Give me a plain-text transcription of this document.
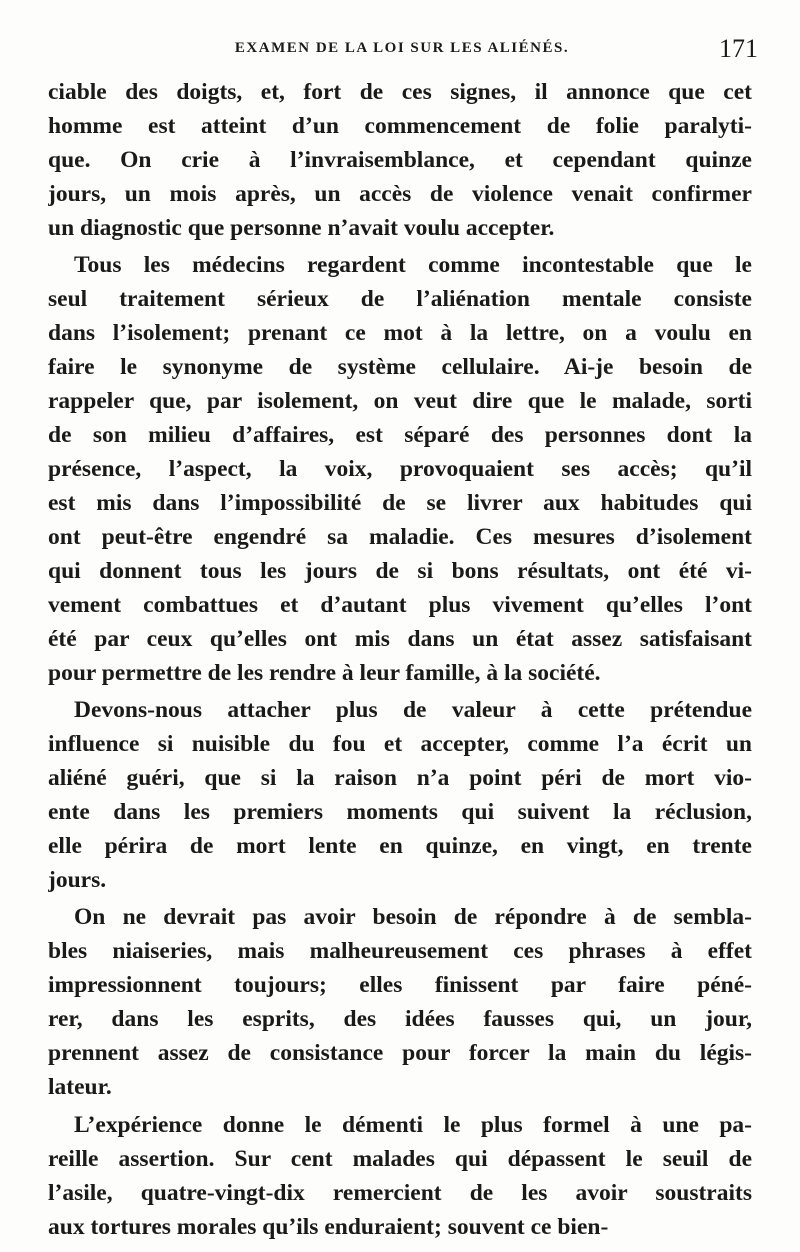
EXAMEN DE LA LOI SUR LES ALIÉNÉS.	171
ciable des doigts, et, fort de ces signes, il annonce que cet
homme est atteint d’un commencement de folie paralyti-
que. On crie à l’invraisemblance, et cependant quinze
jours, un mois après, un accès de violence venait confirmer
un diagnostic que personne n’avait voulu accepter.
Tous les médecins regardent comme incontestable que le
seul traitement sérieux de l’aliénation mentale consiste
dans l’isolement; prenant ce mot à la lettre, on a voulu en
faire le synonyme de système cellulaire. Ai-je besoin de
rappeler que, par isolement, on veut dire que le malade, sorti
de son milieu d’affaires, est séparé des personnes dont la
présence, l’aspect, la voix, provoquaient ses accès; qu’il
est mis dans l’impossibilité de se livrer aux habitudes qui
ont peut-être engendré sa maladie. Ces mesures d’isolement
qui donnent tous les jours de si bons résultats, ont été vi-
vement combattues et d’autant plus vivement qu’elles l’ont
été par ceux qu’elles ont mis dans un état assez satisfaisant
pour permettre de les rendre à leur famille, à la société.
Devons-nous attacher plus de valeur à cette prétendue
influence si nuisible du fou et accepter, comme l’a écrit un
aliéné guéri, que si la raison n’a point péri de mort vio-
ente dans les premiers moments qui suivent la réclusion,
elle périra de mort lente en quinze, en vingt, en trente
jours.
On ne devrait pas avoir besoin de répondre à de sembla-
bles niaiseries, mais malheureusement ces phrases à effet
impressionnent toujours; elles finissent par faire péné-
rer, dans les esprits, des idées fausses qui, un jour,
prennent assez de consistance pour forcer la main du légis-
lateur.
L’expérience donne le démenti le plus formel à une pa-
reille assertion. Sur cent malades qui dépassent le seuil de
l’asile, quatre-vingt-dix remercient de les avoir soustraits
aux tortures morales qu’ils enduraient; souvent ce bien-
